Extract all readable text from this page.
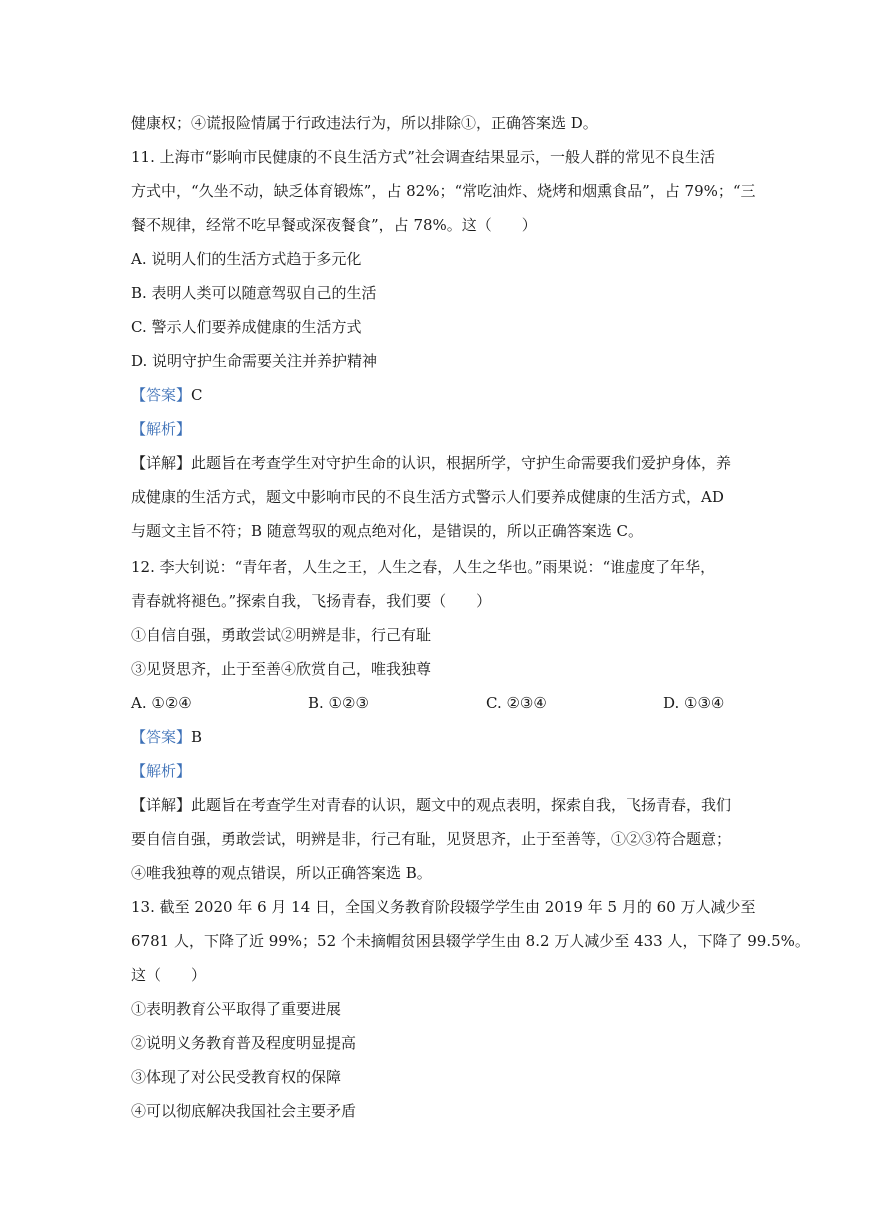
健康权；④谎报险情属于行政违法行为，所以排除①，正确答案选 D。
11. 上海市“影响市民健康的不良生活方式”社会调查结果显示，一般人群的常见不良生活
方式中，“久坐不动，缺乏体育锻炼”，占 82%；“常吃油炸、烧烤和烟熏食品”，占 79%；“三
餐不规律，经常不吃早餐或深夜餐食”，占 78%。这（　　）
A. 说明人们的生活方式趋于多元化
B. 表明人类可以随意驾驭自己的生活
C. 警示人们要养成健康的生活方式
D. 说明守护生命需要关注并养护精神
【答案】C
【解析】
【详解】此题旨在考查学生对守护生命的认识，根据所学，守护生命需要我们爱护身体，养
成健康的生活方式，题文中影响市民的不良生活方式警示人们要养成健康的生活方式，AD
与题文主旨不符；B 随意驾驭的观点绝对化，是错误的，所以正确答案选 C。
12. 李大钊说：“青年者，人生之王，人生之春，人生之华也。”雨果说：“谁虚度了年华，
青春就将褪色。”探索自我，飞扬青春，我们要（　　）
①自信自强，勇敢尝试②明辨是非，行己有耻
③见贤思齐，止于至善④欣赏自己，唯我独尊
A. ①②④	B. ①②③	C. ②③④	D. ①③④
【答案】B
【解析】
【详解】此题旨在考查学生对青春的认识，题文中的观点表明，探索自我，飞扬青春，我们
要自信自强，勇敢尝试，明辨是非，行己有耻，见贤思齐，止于至善等，①②③符合题意；
④唯我独尊的观点错误，所以正确答案选 B。
13. 截至 2020 年 6 月 14 日，全国义务教育阶段辍学学生由 2019 年 5 月的 60 万人减少至
6781 人，下降了近 99%；52 个未摘帽贫困县辍学学生由 8.2 万人减少至 433 人，下降了 99.5%。
这（　　）
①表明教育公平取得了重要进展
②说明义务教育普及程度明显提高
③体现了对公民受教育权的保障
④可以彻底解决我国社会主要矛盾
